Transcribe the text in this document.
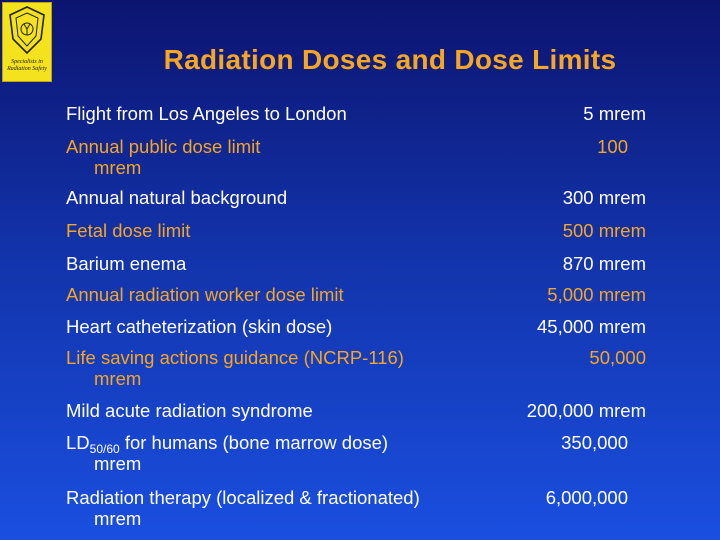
Specialists in
Radiation Safety	Radiation Doses and Dose Limits
Flight from Los Angeles to London	5 mrem
Annual public dose limit	100
mrem
Annual natural background	300 mrem
Fetal dose limit	500 mrem
Barium enema	870 mrem
Annual radiation worker dose limit	5,000 mrem
Heart catheterization (skin dose)	45,000 mrem
Life saving actions guidance (NCRP-116)	50,000
mrem
Mild acute radiation syndrome	200,000 mrem
$LD_{50/60}$ for humans (bone marrow dose)	350,000
mrem
Radiation therapy (localized & fractionated)	6,000,000
mrem
